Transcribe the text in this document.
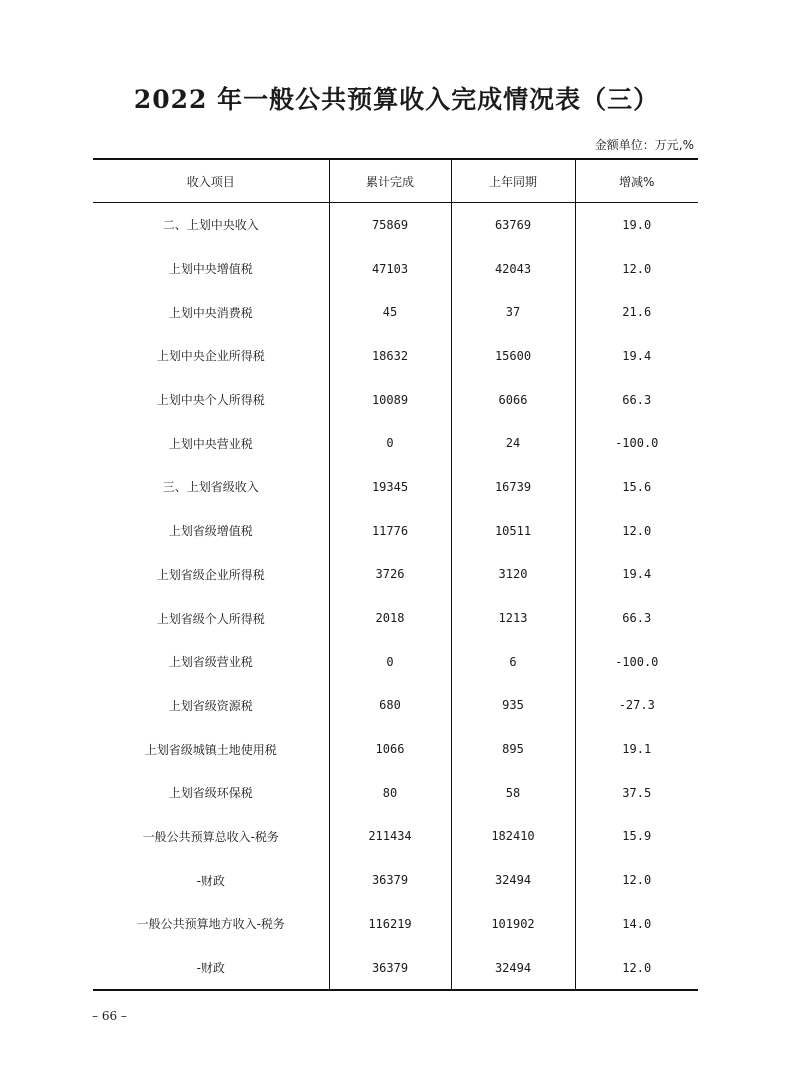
2022 年一般公共预算收入完成情况表（三）
金额单位：万元,%
收入项目	累计完成	上年同期	增减%
二、上划中央收入	75869	63769	19.0
上划中央增值税	47103	42043	12.0
上划中央消费税	45	37	21.6
上划中央企业所得税	18632	15600	19.4
上划中央个人所得税	10089	6066	66.3
上划中央营业税	0	24	-100.0
三、上划省级收入	19345	16739	15.6
上划省级增值税	11776	10511	12.0
上划省级企业所得税	3726	3120	19.4
上划省级个人所得税	2018	1213	66.3
上划省级营业税	0	6	-100.0
上划省级资源税	680	935	-27.3
上划省级城镇土地使用税	1066	895	19.1
上划省级环保税	80	58	37.5
一般公共预算总收入-税务	211434	182410	15.9
-财政	36379	32494	12.0
一般公共预算地方收入-税务	116219	101902	14.0
-财政	36379	32494	12.0
– 66 –
